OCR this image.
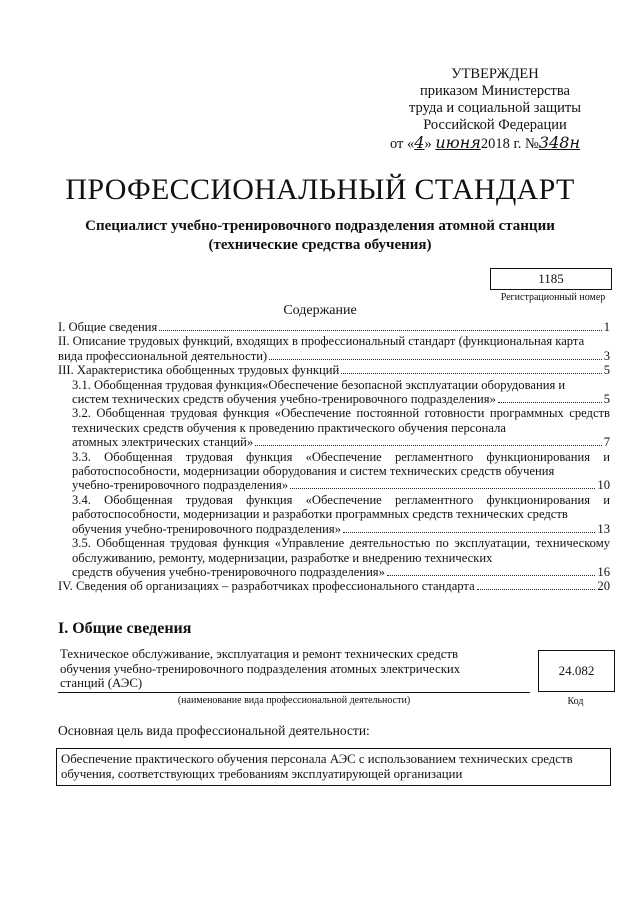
УТВЕРЖДЕН
приказом Министерства
труда и социальной защиты
Российской Федерации
от «4» июня2018 г. №348н
ПРОФЕССИОНАЛЬНЫЙ СТАНДАРТ
Специалист учебно-тренировочного подразделения атомной станции
(технические средства обучения)
1185
Регистрационный номер
Содержание
I. Общие сведения	1
II. Описание трудовых функций, входящих в профессиональный стандарт (функциональная карта
вида профессиональной деятельности)	3
III. Характеристика обобщенных трудовых функций	5
3.1. Обобщенная трудовая функция«Обеспечение безопасной эксплуатации оборудования и
систем технических средств обучения учебно-тренировочного подразделения»	5
3.2. Обобщенная трудовая функция «Обеспечение постоянной готовности программных средств технических средств обучения к проведению практического обучения персонала
атомных электрических станций»	7
3.3. Обобщенная трудовая функция «Обеспечение регламентного функционирования и работоспособности, модернизации оборудования и систем технических средств обучения
учебно-тренировочного подразделения»	10
3.4. Обобщенная трудовая функция «Обеспечение регламентного функционирования и работоспособности, модернизации и разработки программных средств технических средств
обучения учебно-тренировочного подразделения»	13
3.5. Обобщенная трудовая функция «Управление деятельностью по эксплуатации, техническому обслуживанию, ремонту, модернизации, разработке и внедрению технических
средств обучения учебно-тренировочного подразделения»	16
IV. Сведения об организациях – разработчиках профессионального стандарта	20
I. Общие сведения
Техническое обслуживание, эксплуатация и ремонт технических средств обучения учебно-тренировочного подразделения атомных электрических станций (АЭС)
(наименование вида профессиональной деятельности)
24.082
Код
Основная цель вида профессиональной деятельности:
Обеспечение практического обучения персонала АЭС с использованием технических средств обучения, соответствующих требованиям эксплуатирующей организации
